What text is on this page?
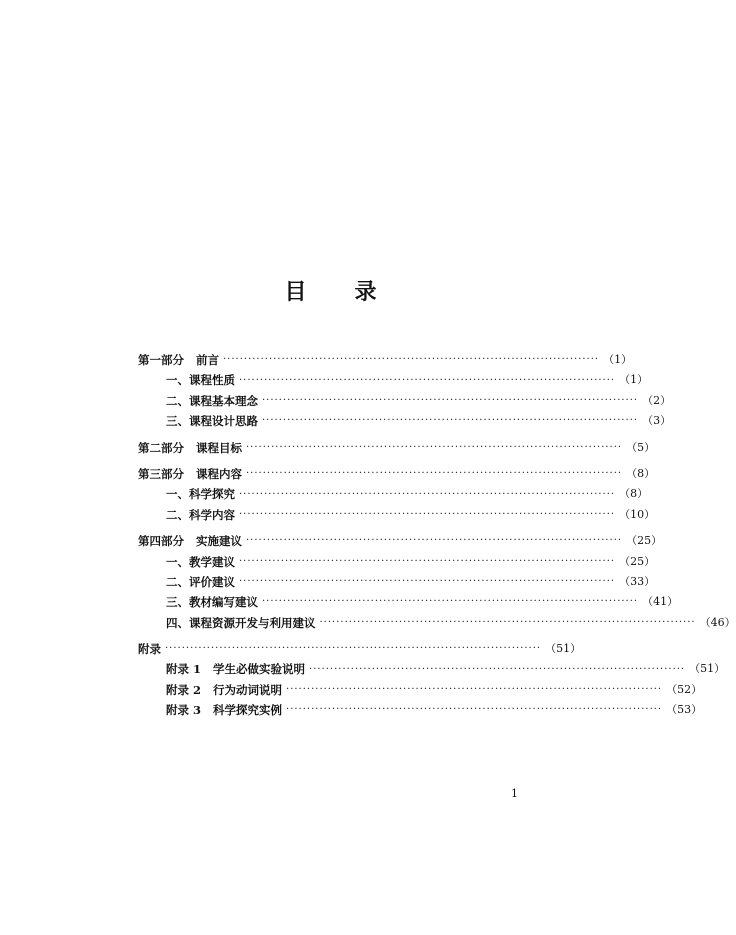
目 录
第一部分 前言 ·························································································· （1）
一、课程性质 ·························································································· （1）
二、课程基本理念 ·························································································· （2）
三、课程设计思路 ·························································································· （3）
第二部分 课程目标 ·························································································· （5）
第三部分 课程内容 ·························································································· （8）
一、科学探究 ·························································································· （8）
二、科学内容 ·························································································· （10）
第四部分 实施建议 ·························································································· （25）
一、教学建议 ·························································································· （25）
二、评价建议 ·························································································· （33）
三、教材编写建议 ·························································································· （41）
四、课程资源开发与利用建议 ·························································································· （46）
附录 ·························································································· （51）
附录 1 学生必做实验说明 ·························································································· （51）
附录 2 行为动词说明 ·························································································· （52）
附录 3 科学探究实例 ·························································································· （53）
1
